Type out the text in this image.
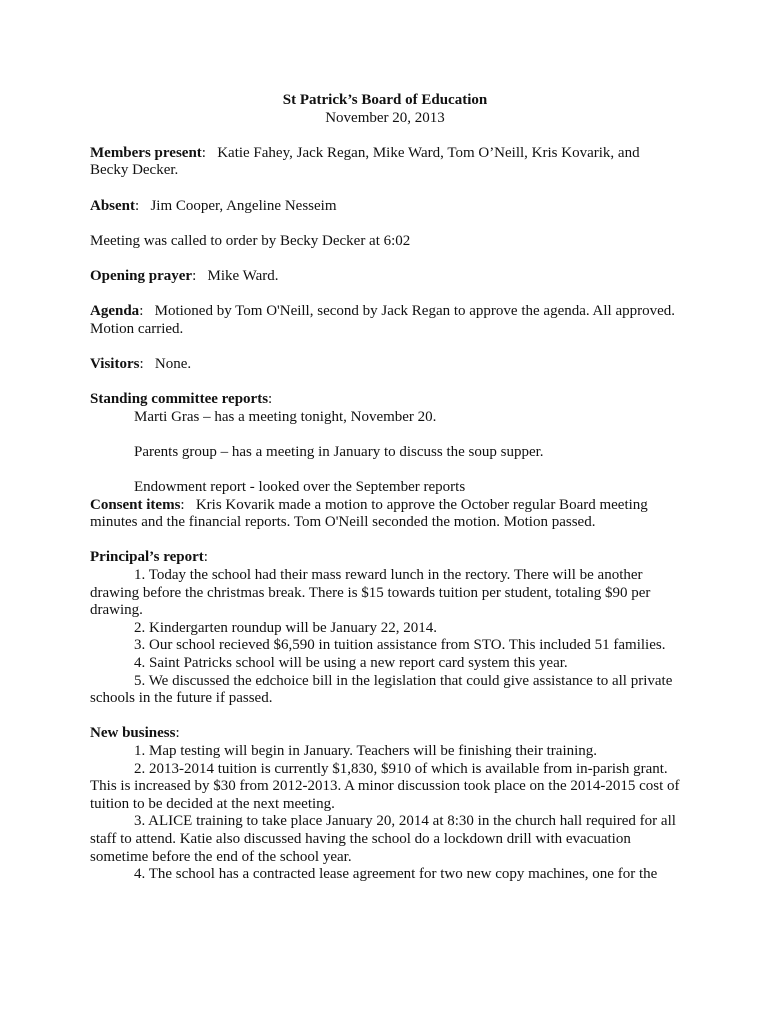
St Patrick’s Board of Education

November 20, 2013

Members present:   Katie Fahey, Jack Regan, Mike Ward, Tom O’Neill, Kris Kovarik, and Becky Decker.

Absent:   Jim Cooper, Angeline Nesseim

Meeting was called to order by Becky Decker at 6:02

Opening prayer:   Mike Ward.

Agenda:   Motioned by Tom O'Neill, second by Jack Regan to approve the agenda. All approved. Motion carried.

Visitors:   None.

Standing committee reports:

Marti Gras – has a meeting tonight, November 20.

Parents group – has a meeting in January to discuss the soup supper.

Endowment report - looked over the September reports

Consent items:   Kris Kovarik made a motion to approve the October regular Board meeting minutes and the financial reports. Tom O'Neill seconded the motion. Motion passed.

Principal’s report:

1. Today the school had their mass reward lunch in the rectory. There will be another drawing before the christmas break. There is $15 towards tuition per student, totaling $90 per drawing.

2. Kindergarten roundup will be January 22, 2014.

3. Our school recieved $6,590 in tuition assistance from STO. This included 51 families.

4. Saint Patricks school will be using a new report card system this year.

5. We discussed the edchoice bill in the legislation that could give assistance to all private schools in the future if passed.

New business:

1. Map testing will begin in January. Teachers will be finishing their training.

2. 2013-2014 tuition is currently $1,830, $910 of which is available from in-parish grant. This is increased by $30 from 2012-2013. A minor discussion took place on the 2014-2015 cost of tuition to be decided at the next meeting.

3. ALICE training to take place January 20, 2014 at 8:30 in the church hall required for all staff to attend. Katie also discussed having the school do a lockdown drill with evacuation sometime before the end of the school year.

4. The school has a contracted lease agreement for two new copy machines, one for the
